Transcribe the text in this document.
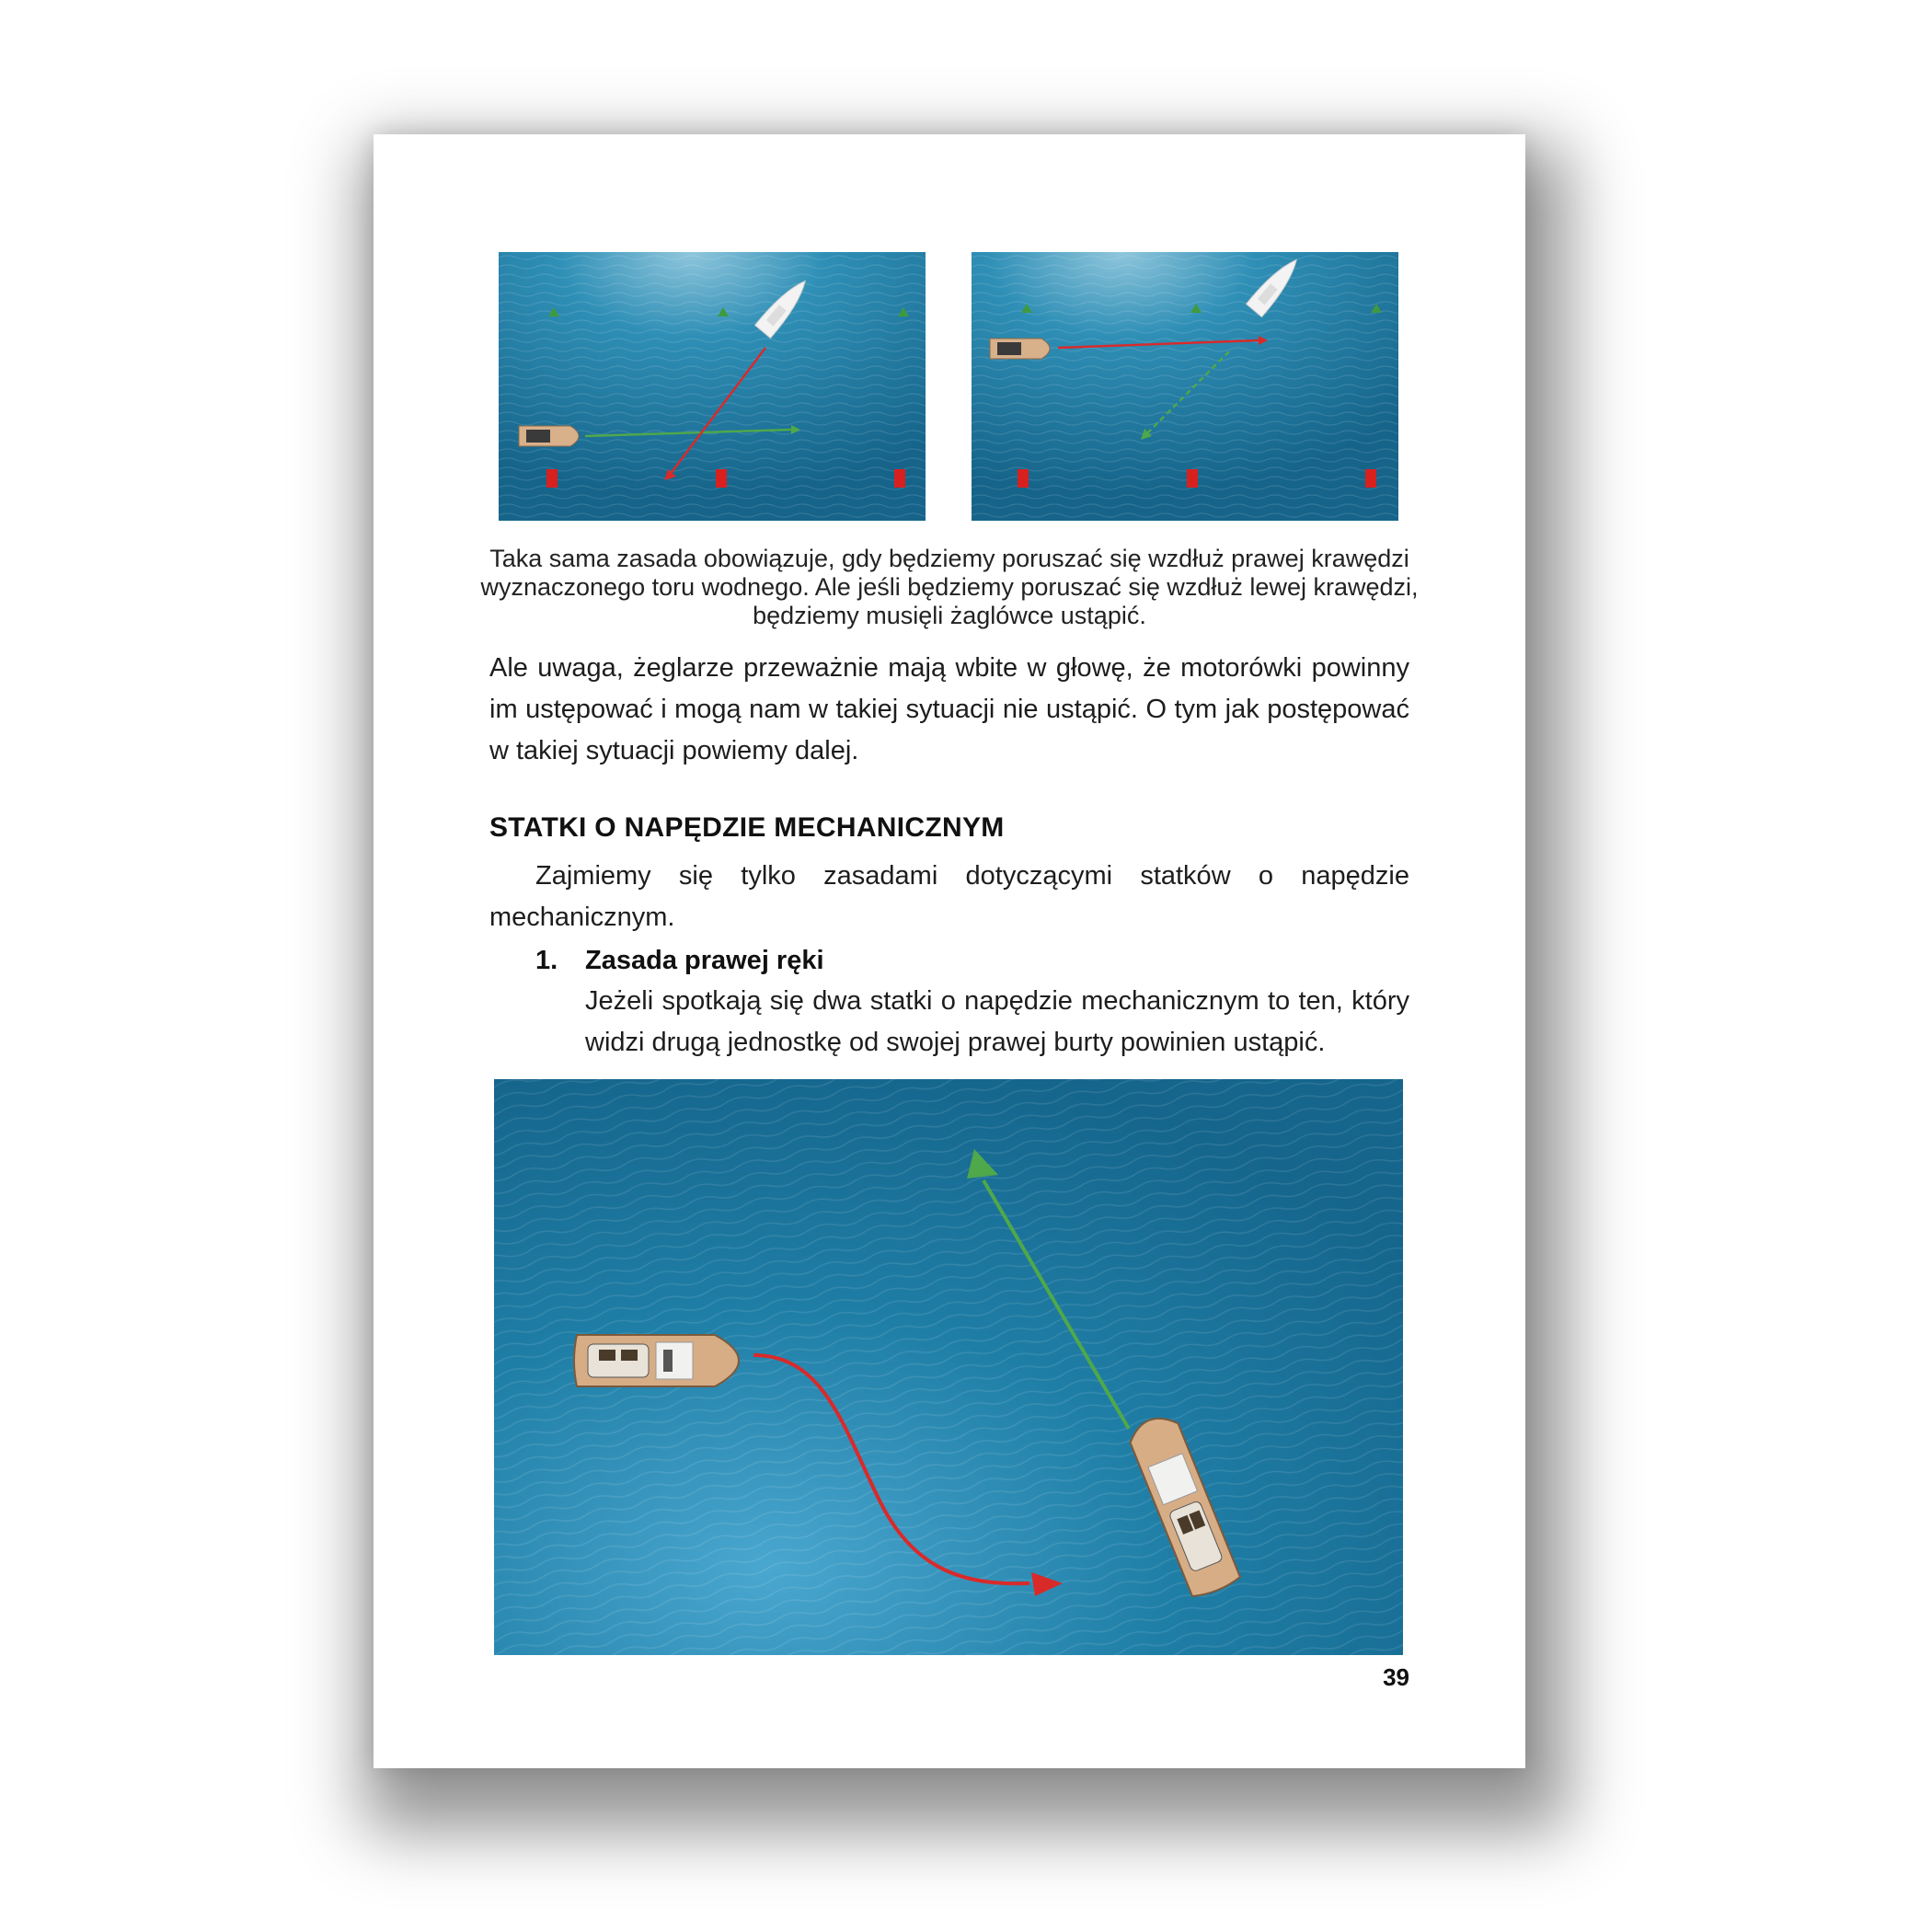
Taka sama zasada obowiązuje, gdy będziemy poruszać się wzdłuż prawej krawędzi wyznaczonego toru wodnego. Ale jeśli będziemy poruszać się wzdłuż lewej krawędzi, będziemy musięli żaglówce ustąpić.
Ale uwaga, żeglarze przeważnie mają wbite w głowę, że motorówki powinny im ustępować i mogą nam w takiej sytuacji nie ustąpić. O tym jak postępować w takiej sytuacji powiemy dalej.
STATKI O NAPĘDZIE MECHANICZNYM
Zajmiemy się tylko zasadami dotyczącymi statków o napędzie mechanicznym.
1. Zasada prawej ręki
Jeżeli spotkają się dwa statki o napędzie mechanicznym to ten, który widzi drugą jednostkę od swojej prawej burty powinien ustąpić.
39
